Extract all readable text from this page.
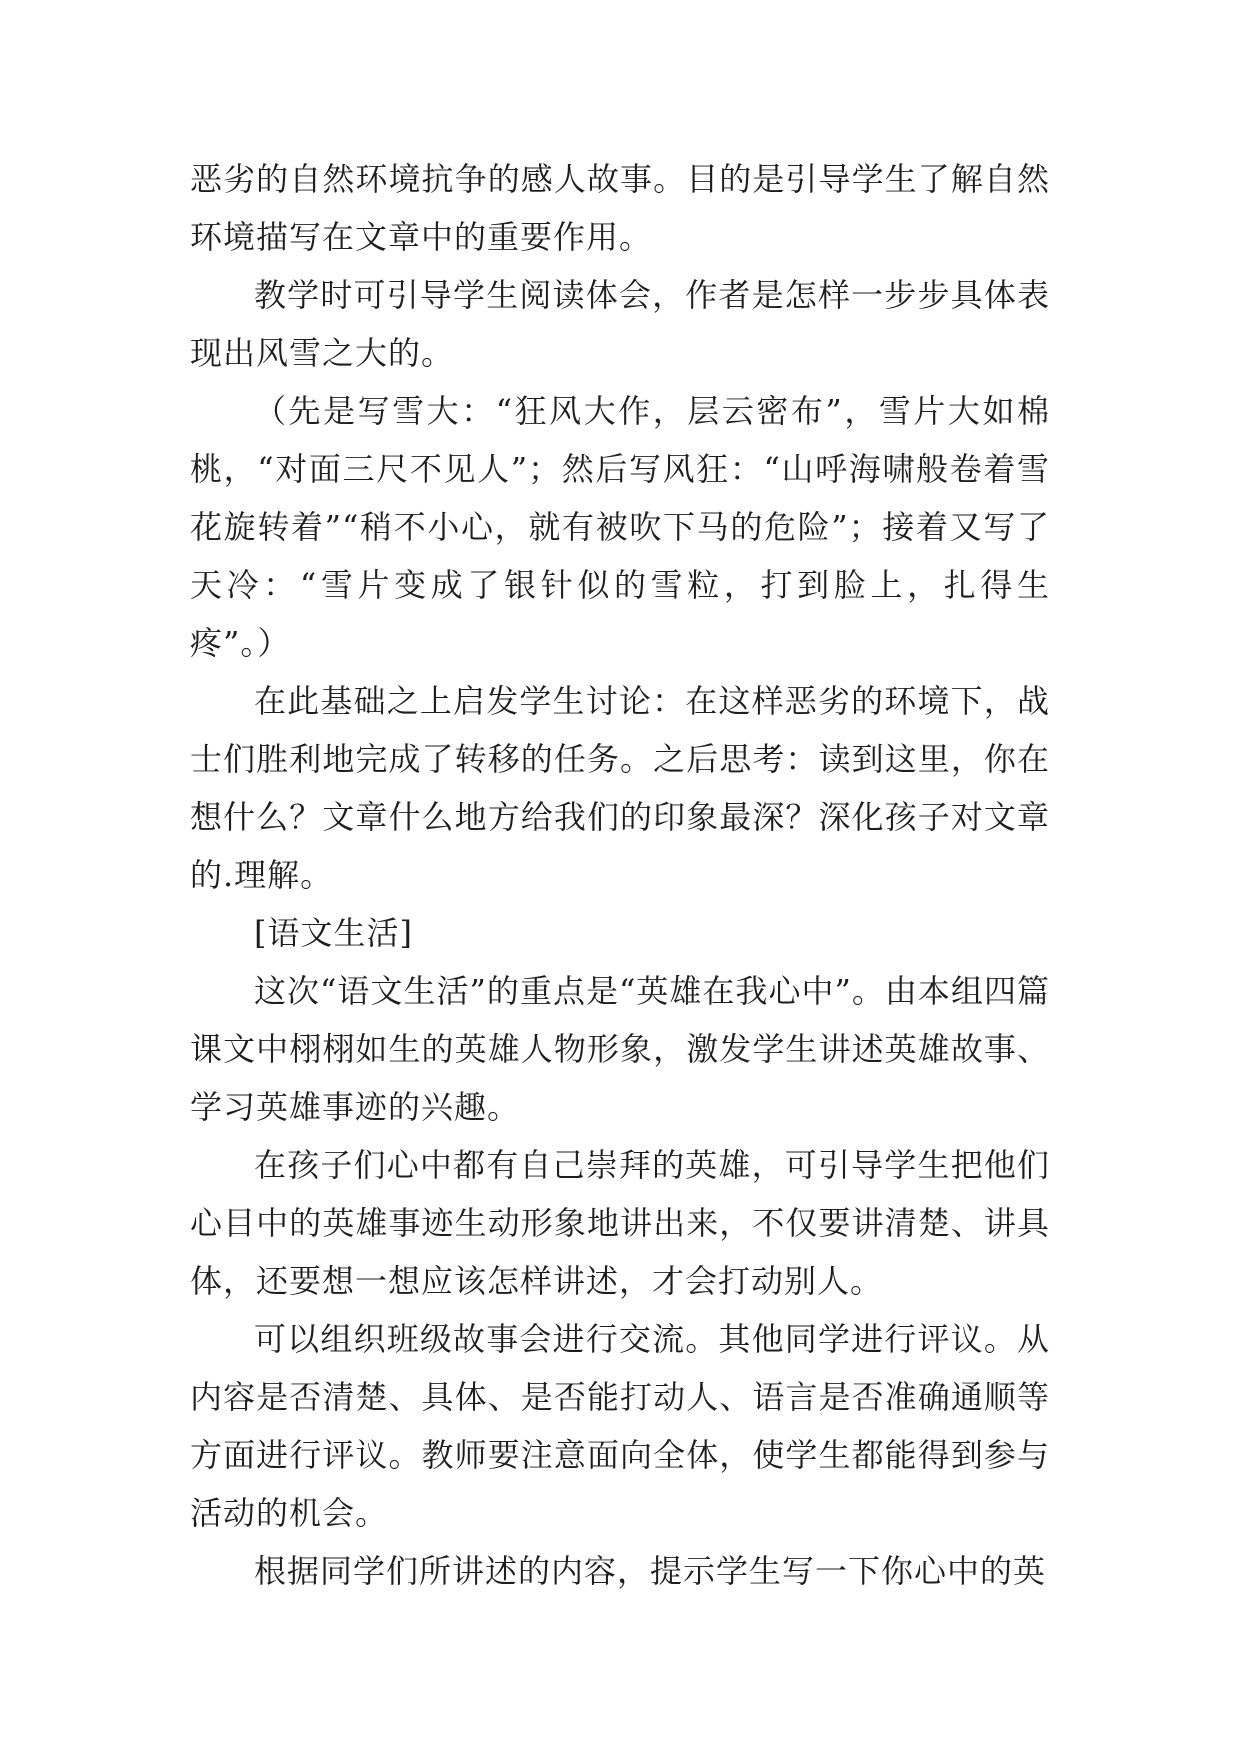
恶劣的自然环境抗争的感人故事。目的是引导学生了解自然环境描写在文章中的重要作用。

教学时可引导学生阅读体会，作者是怎样一步步具体表现出风雪之大的。

（先是写雪大：“狂风大作，层云密布”，雪片大如棉桃，“对面三尺不见人”；然后写风狂：“山呼海啸般卷着雪花旋转着”“稍不小心，就有被吹下马的危险”；接着又写了天冷：“雪片变成了银针似的雪粒，打到脸上，扎得生疼”。）

在此基础之上启发学生讨论：在这样恶劣的环境下，战士们胜利地完成了转移的任务。之后思考：读到这里，你在想什么？文章什么地方给我们的印象最深？深化孩子对文章的.理解。

[语文生活]

这次“语文生活”的重点是“英雄在我心中”。由本组四篇课文中栩栩如生的英雄人物形象，激发学生讲述英雄故事、学习英雄事迹的兴趣。

在孩子们心中都有自己崇拜的英雄，可引导学生把他们心目中的英雄事迹生动形象地讲出来，不仅要讲清楚、讲具体，还要想一想应该怎样讲述，才会打动别人。

可以组织班级故事会进行交流。其他同学进行评议。从内容是否清楚、具体、是否能打动人、语言是否准确通顺等方面进行评议。教师要注意面向全体，使学生都能得到参与活动的机会。

根据同学们所讲述的内容，提示学生写一下你心中的英
